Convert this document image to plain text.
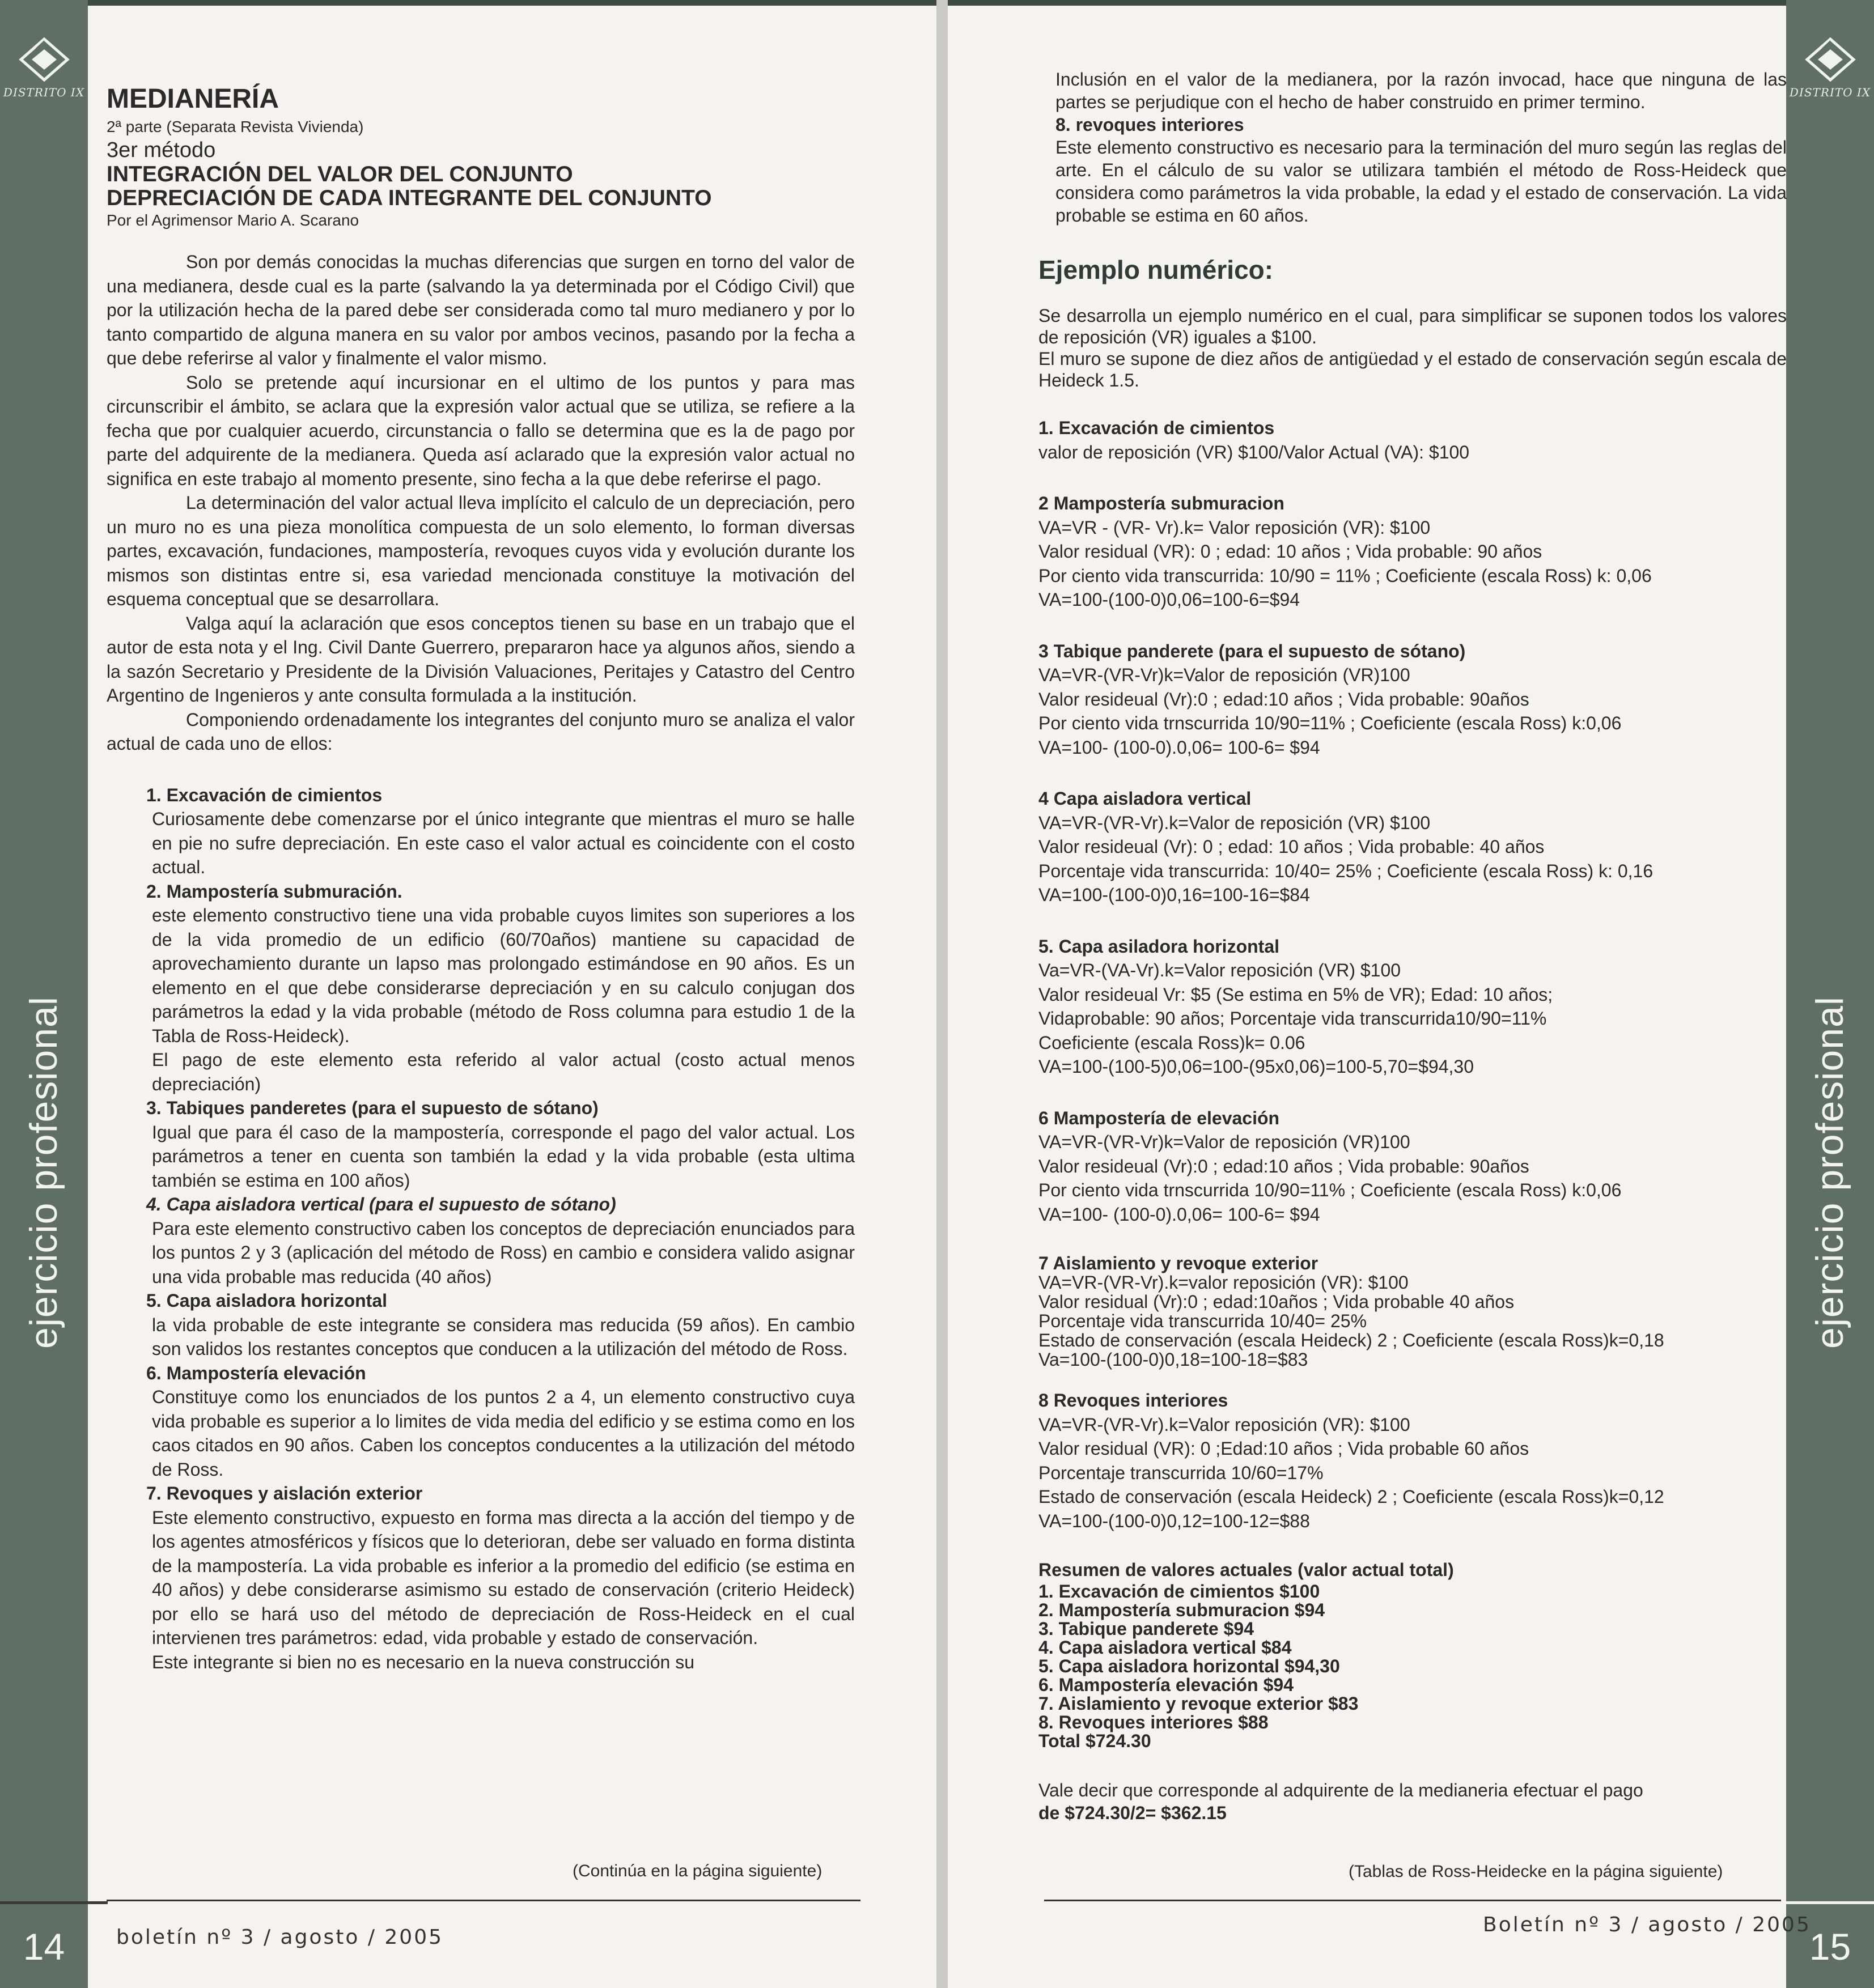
DISTRITO IX
ejercicio profesional
14	boletín nº 3 / agosto / 2005
MEDIANERÍA
2ª parte (Separata Revista Vivienda)
3er método
INTEGRACIÓN DEL VALOR DEL CONJUNTO
DEPRECIACIÓN DE CADA INTEGRANTE DEL CONJUNTO
Por el Agrimensor Mario A. Scarano

Son por demás conocidas la muchas diferencias que surgen en torno del valor de una medianera, desde cual es la parte (salvando la ya determinada por el Código Civil) que por la utilización hecha de la pared debe ser considerada como tal muro medianero y por lo tanto compartido de alguna manera en su valor por ambos vecinos, pasando por la fecha a que debe referirse al valor y finalmente el valor mismo.

Solo se pretende aquí incursionar en el ultimo de los puntos y para mas circunscribir el ámbito, se aclara que la expresión valor actual que se utiliza, se refiere a la fecha que por cualquier acuerdo, circunstancia o fallo se determina que es la de pago por parte del adquirente de la medianera. Queda así aclarado que la expresión valor actual no significa en este trabajo al momento presente, sino fecha a la que debe referirse el pago.

La determinación del valor actual lleva implícito el calculo de un depreciación, pero un muro no es una pieza monolítica compuesta de un solo elemento, lo forman diversas partes, excavación, fundaciones, mampostería, revoques cuyos vida y evolución durante los mismos son distintas entre si, esa variedad mencionada constituye la motivación del esquema conceptual que se desarrollara.

Valga aquí la aclaración que esos conceptos tienen su base en un trabajo que el autor de esta nota y el Ing. Civil Dante Guerrero, prepararon hace ya algunos años, siendo a la sazón Secretario y Presidente de la División Valuaciones, Peritajes y Catastro del Centro Argentino de Ingenieros y ante consulta formulada a la institución.

Componiendo ordenadamente los integrantes del conjunto muro se analiza el valor actual de cada uno de ellos:

1. Excavación de cimientos
Curiosamente debe comenzarse por el único integrante que mientras el muro se halle en pie no sufre depreciación. En este caso el valor actual es coincidente con el costo actual.
2. Mampostería submuración.
este elemento constructivo tiene una vida probable cuyos limites son superiores a los de la vida promedio de un edificio (60/70años) mantiene su capacidad de aprovechamiento durante un lapso mas prolongado estimándose en 90 años. Es un elemento en el que debe considerarse depreciación y en su calculo conjugan dos parámetros la edad y la vida probable (método de Ross columna para estudio 1 de la Tabla de Ross-Heideck).
El pago de este elemento esta referido al valor actual (costo actual menos depreciación)
3. Tabiques panderetes (para el supuesto de sótano)
Igual que para él caso de la mampostería, corresponde el pago del valor actual. Los parámetros a tener en cuenta son también la edad y la vida probable (esta ultima también se estima en 100 años)
4. Capa aisladora vertical (para el supuesto de sótano)
Para este elemento constructivo caben los conceptos de depreciación enunciados para los puntos 2 y 3 (aplicación del método de Ross) en cambio e considera valido asignar una vida probable mas reducida (40 años)
5. Capa aisladora horizontal
la vida probable de este integrante se considera mas reducida (59 años). En cambio son validos los restantes conceptos que conducen a la utilización del método de Ross.
6. Mampostería elevación
Constituye como los enunciados de los puntos 2 a 4, un elemento constructivo cuya vida probable es superior a lo limites de vida media del edificio y se estima como en los caos citados en 90 años. Caben los conceptos conducentes a la utilización del método de Ross.
7. Revoques y aislación exterior
Este elemento constructivo, expuesto en forma mas directa a la acción del tiempo y de los agentes atmosféricos y físicos que lo deterioran, debe ser valuado en forma distinta de la mampostería. La vida probable es inferior a la promedio del edificio (se estima en 40 años) y debe considerarse asimismo su estado de conservación (criterio Heideck) por ello se hará uso del método de depreciación de Ross-Heideck en el cual intervienen tres parámetros: edad, vida probable y estado de conservación.
Este integrante si bien no es necesario en la nueva construcción su
(Continúa en la página siguiente)
DISTRITO IX
ejercicio profesional
15
Boletín nº 3 / agosto / 2005

Inclusión en el valor de la medianera, por la razón invocad, hace que ninguna de las partes se perjudique con el hecho de haber construido en primer termino.

8. revoques interiores

Este elemento constructivo es necesario para la terminación del muro según las reglas del arte. En el cálculo de su valor se utilizara también el método de Ross-Heideck que considera como parámetros la vida probable, la edad y el estado de conservación. La vida probable se estima en 60 años.

Ejemplo numérico:

Se desarrolla un ejemplo numérico en el cual, para simplificar se suponen todos los valores de reposición (VR) iguales a $100.

El muro se supone de diez años de antigüedad y el estado de conservación según escala de Heideck 1.5.

1. Excavación de cimientos
valor de reposición (VR) $100/Valor Actual (VA): $100
2 Mampostería submuracion
VA=VR - (VR- Vr).k= Valor reposición (VR): $100
Valor residual (VR): 0 ; edad: 10 años ; Vida probable: 90 años
Por ciento vida transcurrida: 10/90 = 11% ; Coeficiente (escala Ross) k: 0,06
VA=100-(100-0)0,06=100-6=$94
3 Tabique panderete (para el supuesto de sótano)
VA=VR-(VR-Vr)k=Valor de reposición (VR)100
Valor resideual (Vr):0 ; edad:10 años ; Vida probable: 90años
Por ciento vida trnscurrida 10/90=11% ; Coeficiente (escala Ross) k:0,06
VA=100- (100-0).0,06= 100-6= $94
4 Capa aisladora vertical
VA=VR-(VR-Vr).k=Valor de reposición (VR) $100
Valor resideual (Vr): 0 ; edad: 10 años ; Vida probable: 40 años
Porcentaje vida transcurrida: 10/40= 25% ; Coeficiente (escala Ross) k: 0,16
VA=100-(100-0)0,16=100-16=$84
5. Capa asiladora horizontal
Va=VR-(VA-Vr).k=Valor reposición (VR) $100
Valor resideual Vr: $5 (Se estima en 5% de VR); Edad: 10 años;
Vidaprobable: 90 años; Porcentaje vida transcurrida10/90=11%
Coeficiente (escala Ross)k= 0.06
VA=100-(100-5)0,06=100-(95x0,06)=100-5,70=$94,30
6 Mampostería de elevación
VA=VR-(VR-Vr)k=Valor de reposición (VR)100
Valor resideual (Vr):0 ; edad:10 años ; Vida probable: 90años
Por ciento vida trnscurrida 10/90=11% ; Coeficiente (escala Ross) k:0,06
VA=100- (100-0).0,06= 100-6= $94
7 Aislamiento y revoque exterior
VA=VR-(VR-Vr).k=valor reposición (VR): $100
Valor residual (Vr):0 ; edad:10años ; Vida probable 40 años
Porcentaje vida transcurrida 10/40= 25%
Estado de conservación (escala Heideck) 2 ; Coeficiente (escala Ross)k=0,18
Va=100-(100-0)0,18=100-18=$83
8 Revoques interiores
VA=VR-(VR-Vr).k=Valor reposición (VR): $100
Valor residual (VR): 0 ;Edad:10 años ; Vida probable 60 años
Porcentaje transcurrida 10/60=17%
Estado de conservación (escala Heideck) 2 ; Coeficiente (escala Ross)k=0,12
VA=100-(100-0)0,12=100-12=$88
Resumen de valores actuales (valor actual total)
1. Excavación de cimientos $100
2. Mampostería submuracion $94
3. Tabique panderete $94
4. Capa aisladora vertical $84
5. Capa aisladora horizontal $94,30
6. Mampostería elevación $94
7. Aislamiento y revoque exterior $83
8. Revoques interiores $88
Total $724.30
Vale decir que corresponde al adquirente de la medianeria efectuar el pago
de $724.30/2= $362.15
(Tablas de Ross-Heidecke en la página siguiente)
